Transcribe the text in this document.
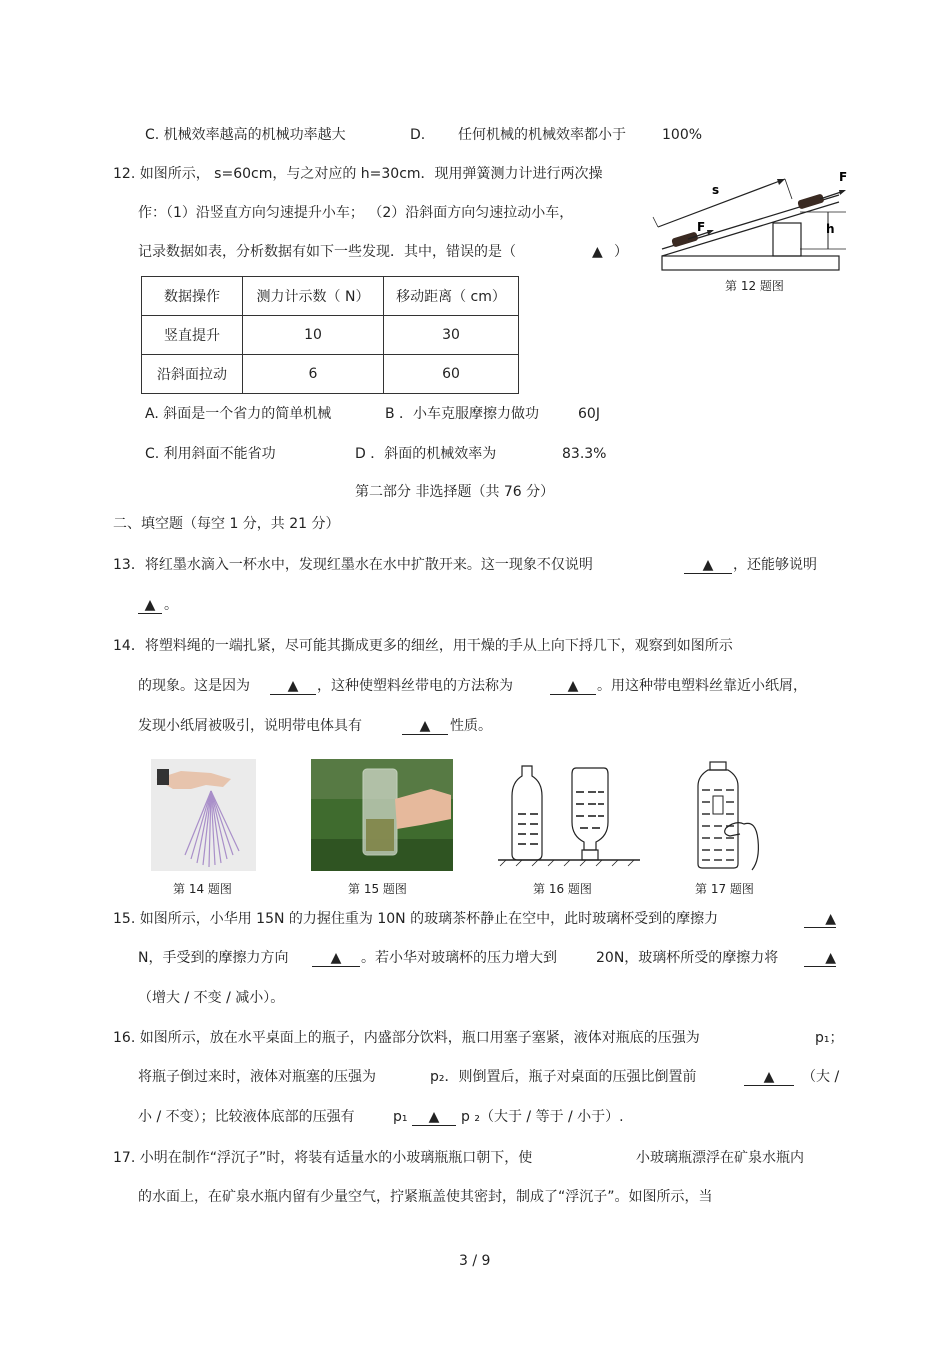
C. 机械效率越高的机械功率越大	D. 任何机械的机械效率都小于	100%
12. 如图所示， s=60cm，与之对应的 h=30cm．现用弹簧测力计进行两次操
作：（1）沿竖直方向匀速提升小车； （2）沿斜面方向匀速拉动小车，
记录数据如表，分析数据有如下一些发现．其中，错误的是（	▲ ）
s
F
F
h
第 12 题图
数据操作	测力计示数（ N）	移动距离（ cm）
竖直提升	10	30
沿斜面拉动	6	60
A. 斜面是一个省力的简单机械	B ．小车克服摩擦力做功	60J
C. 利用斜面不能省功	D ．斜面的机械效率为	83.3%
第二部分 非选择题（共 76 分）
二、填空题（每空 1 分，共 21 分）
13．将红墨水滴入一杯水中，发现红墨水在水中扩散开来。这一现象不仅说明	▲	，还能够说明
▲ 。
14．将塑料绳的一端扎紧，尽可能其撕成更多的细丝，用干燥的手从上向下捋几下，观察到如图所示
的现象。这是因为	▲	，这种使塑料丝带电的方法称为	▲	。用这种带电塑料丝靠近小纸屑，
发现小纸屑被吸引，说明带电体具有	▲	性质。
第 14 题图	第 15 题图	第 16 题图	第 17 题图
15. 如图所示，小华用 15N 的力握住重为 10N 的玻璃茶杯静止在空中，此时玻璃杯受到的摩擦力	▲
N，手受到的摩擦力方向	▲	。若小华对玻璃杯的压力增大到	20N，玻璃杯所受的摩擦力将	▲
（增大 / 不变 / 减小）。
16. 如图所示，放在水平桌面上的瓶子，内盛部分饮料，瓶口用塞子塞紧，液体对瓶底的压强为	p₁；
将瓶子倒过来时，液体对瓶塞的压强为	p₂．则倒置后，瓶子对桌面的压强比倒置前	▲	（大 /
小 / 不变）；比较液体底部的压强有	p₁	▲	p ₂（大于 / 等于 / 小于）.
17. 小明在制作“浮沉子”时，将装有适量水的小玻璃瓶瓶口朝下，使	小玻璃瓶漂浮在矿泉水瓶内
的水面上，在矿泉水瓶内留有少量空气，拧紧瓶盖使其密封，制成了“浮沉子”。如图所示，当
3 / 9
